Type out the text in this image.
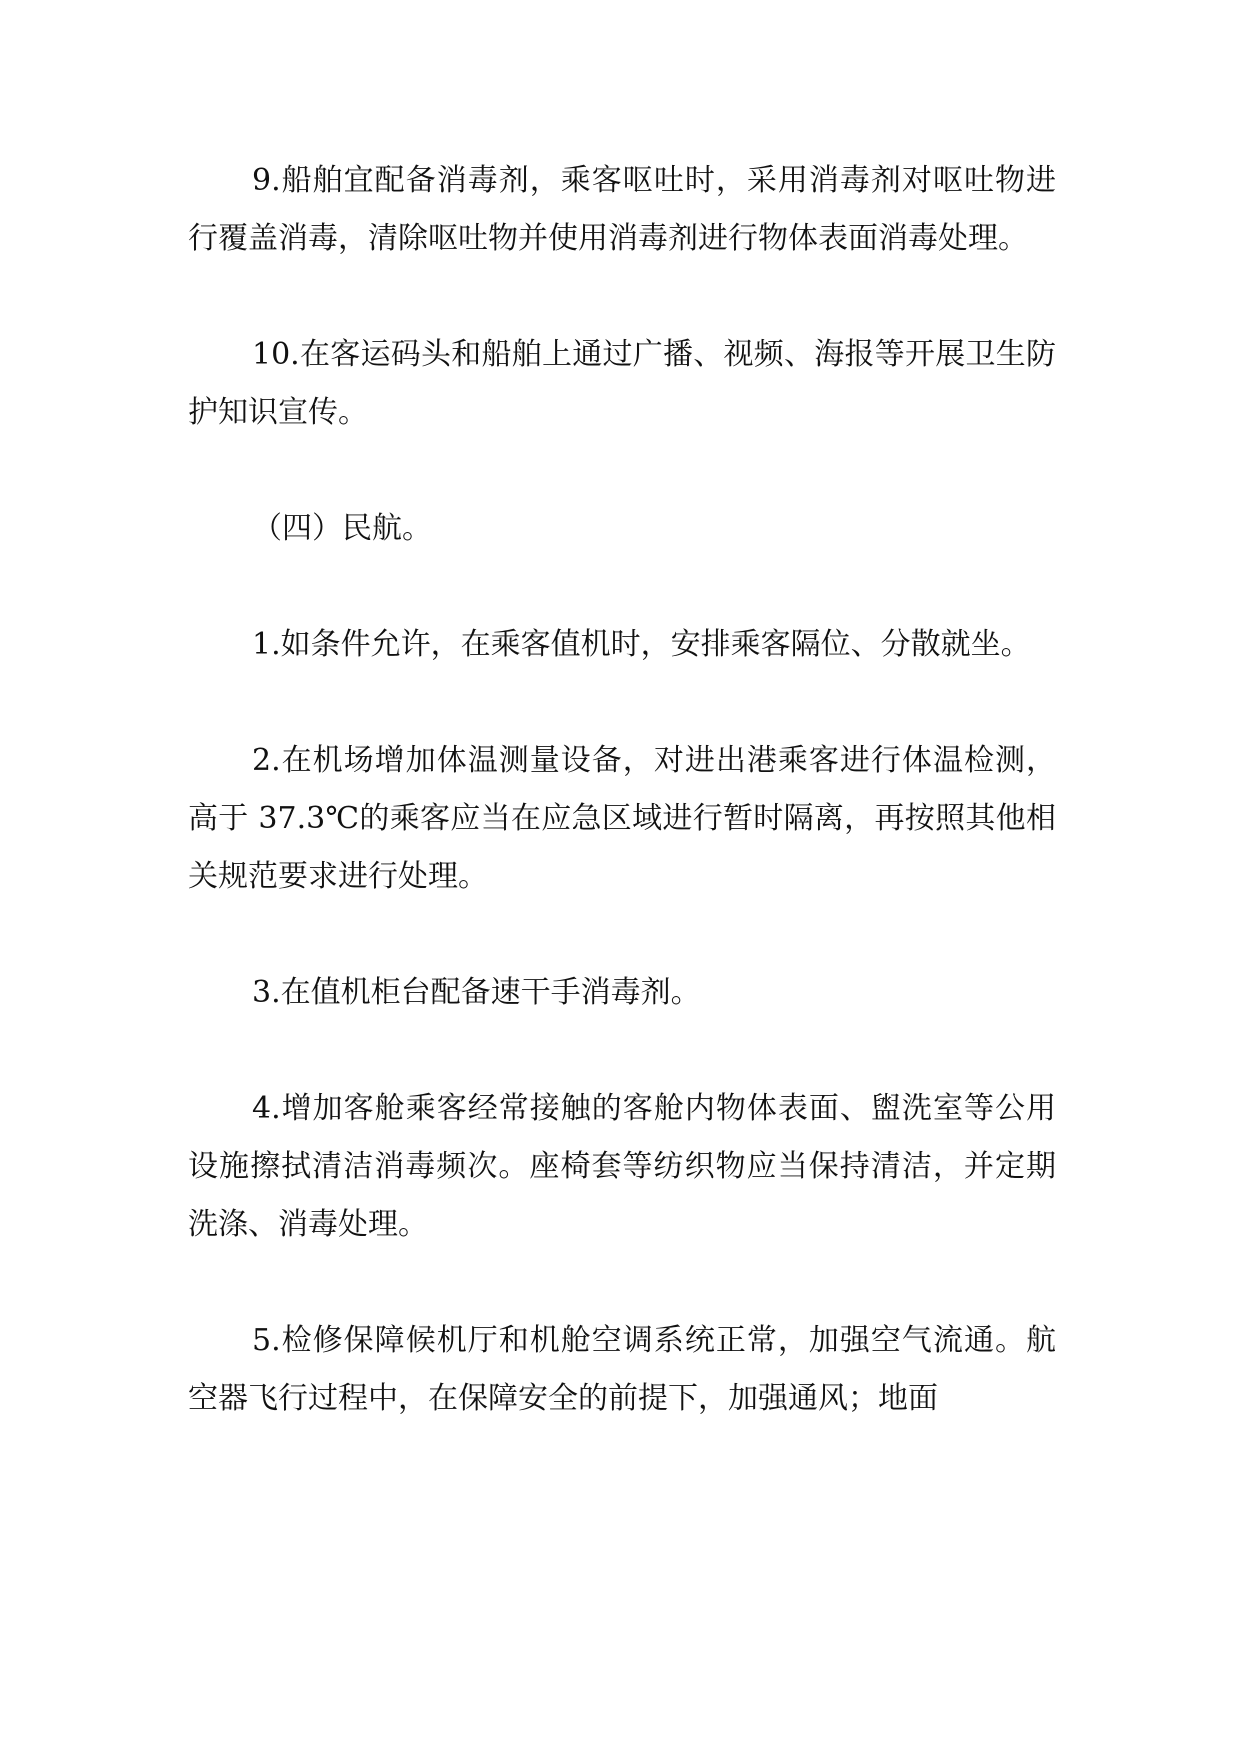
9.船舶宜配备消毒剂，乘客呕吐时，采用消毒剂对呕吐物进行覆盖消毒，清除呕吐物并使用消毒剂进行物体表面消毒处理。

10.在客运码头和船舶上通过广播、视频、海报等开展卫生防护知识宣传。

（四）民航。

1.如条件允许，在乘客值机时，安排乘客隔位、分散就坐。

2.在机场增加体温测量设备，对进出港乘客进行体温检测，高于 37.3℃的乘客应当在应急区域进行暂时隔离，再按照其他相关规范要求进行处理。

3.在值机柜台配备速干手消毒剂。

4.增加客舱乘客经常接触的客舱内物体表面、盥洗室等公用设施擦拭清洁消毒频次。座椅套等纺织物应当保持清洁，并定期洗涤、消毒处理。

5.检修保障候机厅和机舱空调系统正常，加强空气流通。航空器飞行过程中，在保障安全的前提下，加强通风；地面
